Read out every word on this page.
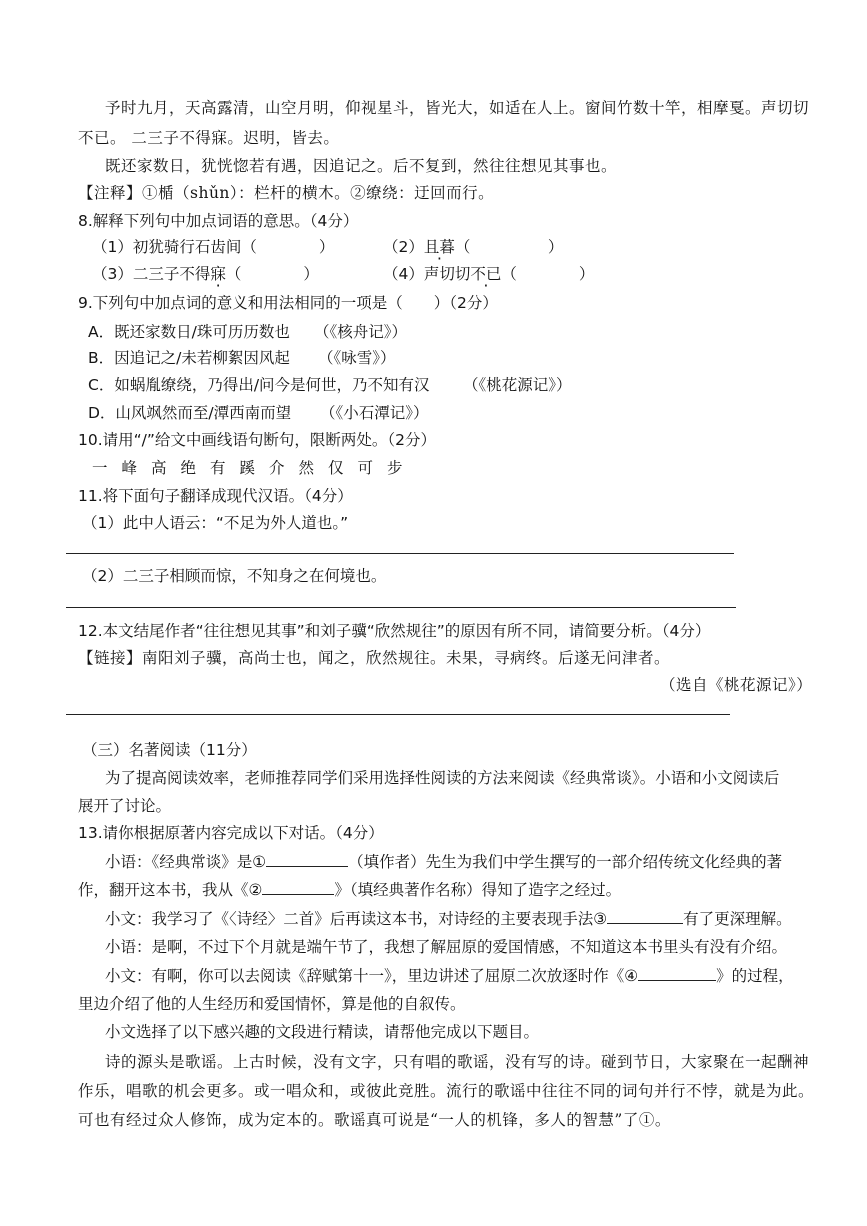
予时九月，天高露清，山空月明，仰视星斗，皆光大，如适在人上。窗间竹数十竿，相摩戛。声切切
不已。 二三子不得寐。迟明，皆去。
既还家数日，犹恍惚若有遇，因追记之。后不复到，然往往想见其事也。
【注释】①楯（shǔn）：栏杆的横木。②缭绕：迂回而行。
8.解释下列句中加点词语的意思。（4分）
（1）初犹骑行石齿间（　　　　）	（2）且暮（　　　　　）
（3）二三子不得寐（　　　　）	（4）声切切不已（　　　　）
9.下列句中加点词的意义和用法相同的一项是（　　）（2分）
A．既还家数日/珠可历历数也 （《核舟记》）
B．因追记之/未若柳絮因风起 （《咏雪》）
C．如蜗胤缭绕，乃得出/问今是何世，乃不知有汉 （《桃花源记》）
D．山风飒然而至/潭西南而望 （《小石潭记》）
10.请用“/”给文中画线语句断句，限断两处。（2分）
一峰高绝有蹊介然仅可步
11.将下面句子翻译成现代汉语。（4分）
（1）此中人语云：“不足为外人道也。”
（2）二三子相顾而惊，不知身之在何境也。
12.本文结尾作者“往往想见其事”和刘子骥“欣然规往”的原因有所不同，请简要分析。（4分）
【链接】南阳刘子骥，高尚士也，闻之，欣然规往。未果，寻病终。后遂无问津者。
（选自《桃花源记》）
（三）名著阅读（11分）
为了提高阅读效率，老师推荐同学们采用选择性阅读的方法来阅读《经典常谈》。小语和小文阅读后
展开了讨论。
13.请你根据原著内容完成以下对话。（4分）
小语：《经典常谈》是①	（填作者）先生为我们中学生撰写的一部介绍传统文化经典的著
作，翻开这本书，我从《②	》（填经典著作名称）得知了造字之经过。
小文：我学习了《〈诗经〉二首》后再读这本书，对诗经的主要表现手法③	有了更深理解。
小语：是啊，不过下个月就是端午节了，我想了解屈原的爱国情感，不知道这本书里头有没有介绍。
小文：有啊，你可以去阅读《辞赋第十一》，里边讲述了屈原二次放逐时作《④	》的过程，
里边介绍了他的人生经历和爱国情怀，算是他的自叙传。
小文选择了以下感兴趣的文段进行精读，请帮他完成以下题目。
诗的源头是歌谣。上古时候，没有文字，只有唱的歌谣，没有写的诗。碰到节日，大家聚在一起酬神
作乐，唱歌的机会更多。或一唱众和，或彼此竞胜。流行的歌谣中往往不同的词句并行不悖，就是为此。
可也有经过众人修饰，成为定本的。歌谣真可说是“一人的机锋，多人的智慧”了①。
